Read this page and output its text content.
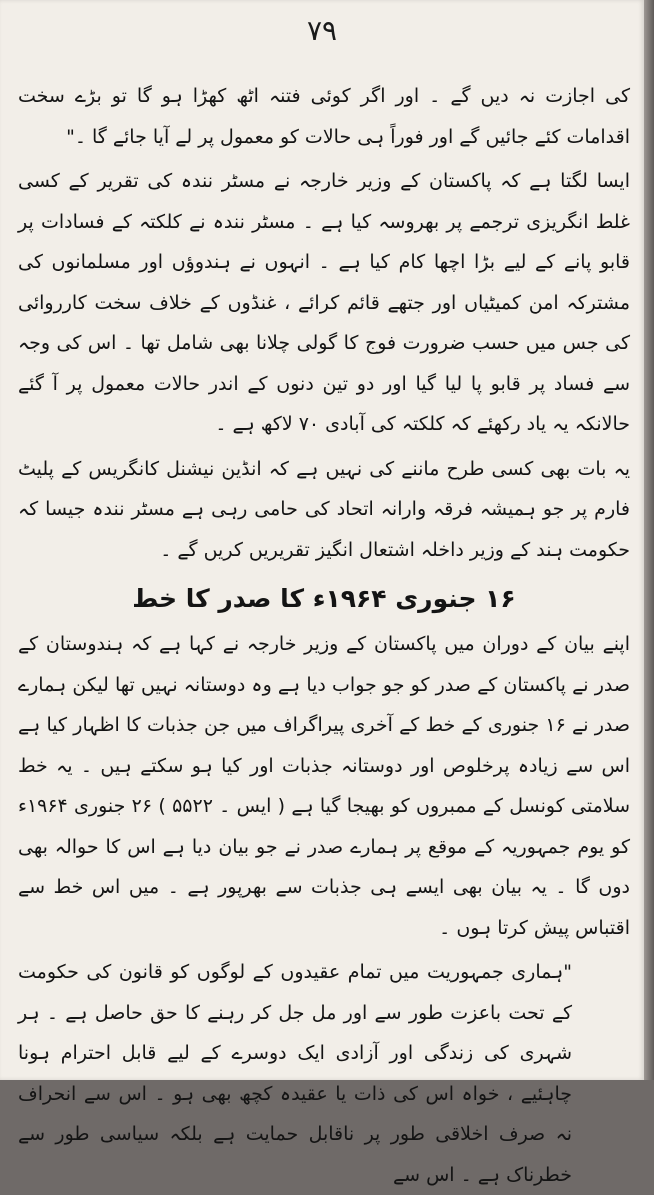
۷۹

کی اجازت نہ دیں گے ۔ اور اگر کوئی فتنہ اٹھ کھڑا ہو گا تو بڑے سخت اقدامات کئے جائیں گے اور فوراً ہی حالات کو معمول پر لے آیا جائے گا ۔"

ایسا لگتا ہے کہ پاکستان کے وزیر خارجہ نے مسٹر نندہ کی تقریر کے کسی غلط انگریزی ترجمے پر بھروسہ کیا ہے ۔ مسٹر نندہ نے کلکتہ کے فسادات پر قابو پانے کے لیے بڑا اچھا کام کیا ہے ۔ انہوں نے ہندوؤں اور مسلمانوں کی مشترکہ امن کمیٹیاں اور جتھے قائم کرائے ، غنڈوں کے خلاف سخت کارروائی کی جس میں حسب ضرورت فوج کا گولی چلانا بھی شامل تھا ۔ اس کی وجہ سے فساد پر قابو پا لیا گیا اور دو تین دنوں کے اندر حالات معمول پر آ گئے حالانکہ یہ یاد رکھئے کہ کلکتہ کی آبادی ۷۰ لاکھ ہے ۔

یہ بات بھی کسی طرح ماننے کی نہیں ہے کہ انڈین نیشنل کانگریس کے پلیٹ فارم پر جو ہمیشہ فرقہ وارانہ اتحاد کی حامی رہی ہے مسٹر نندہ جیسا کہ حکومت ہند کے وزیر داخلہ اشتعال انگیز تقریریں کریں گے ۔

۱۶ جنوری ۱۹۶۴ء کا صدر کا خط

اپنے بیان کے دوران میں پاکستان کے وزیر خارجہ نے کہا ہے کہ ہندوستان کے صدر نے پاکستان کے صدر کو جو جواب دیا ہے وہ دوستانہ نہیں تھا لیکن ہمارے صدر نے ۱۶ جنوری کے خط کے آخری پیراگراف میں جن جذبات کا اظہار کیا ہے اس سے زیادہ پرخلوص اور دوستانہ جذبات اور کیا ہو سکتے ہیں ۔ یہ خط سلامتی کونسل کے ممبروں کو بھیجا گیا ہے ( ایس ۔ ۵۵۲۲ ) ۲۶ جنوری ۱۹۶۴ء کو یوم جمہوریہ کے موقع پر ہمارے صدر نے جو بیان دیا ہے اس کا حوالہ بھی دوں گا ۔ یہ بیان بھی ایسے ہی جذبات سے بھرپور ہے ۔ میں اس خط سے اقتباس پیش کرتا ہوں ۔

"ہماری جمہوریت میں تمام عقیدوں کے لوگوں کو قانون کی حکومت کے تحت باعزت طور سے اور مل جل کر رہنے کا حق حاصل ہے ۔ ہر شہری کی زندگی اور آزادی ایک دوسرے کے لیے قابل احترام ہونا چاہئیے ، خواہ اس کی ذات یا عقیدہ کچھ بھی ہو ۔ اس سے انحراف نہ صرف اخلاقی طور پر ناقابل حمایت ہے بلکہ سیاسی طور سے خطرناک ہے ۔ اس سے
